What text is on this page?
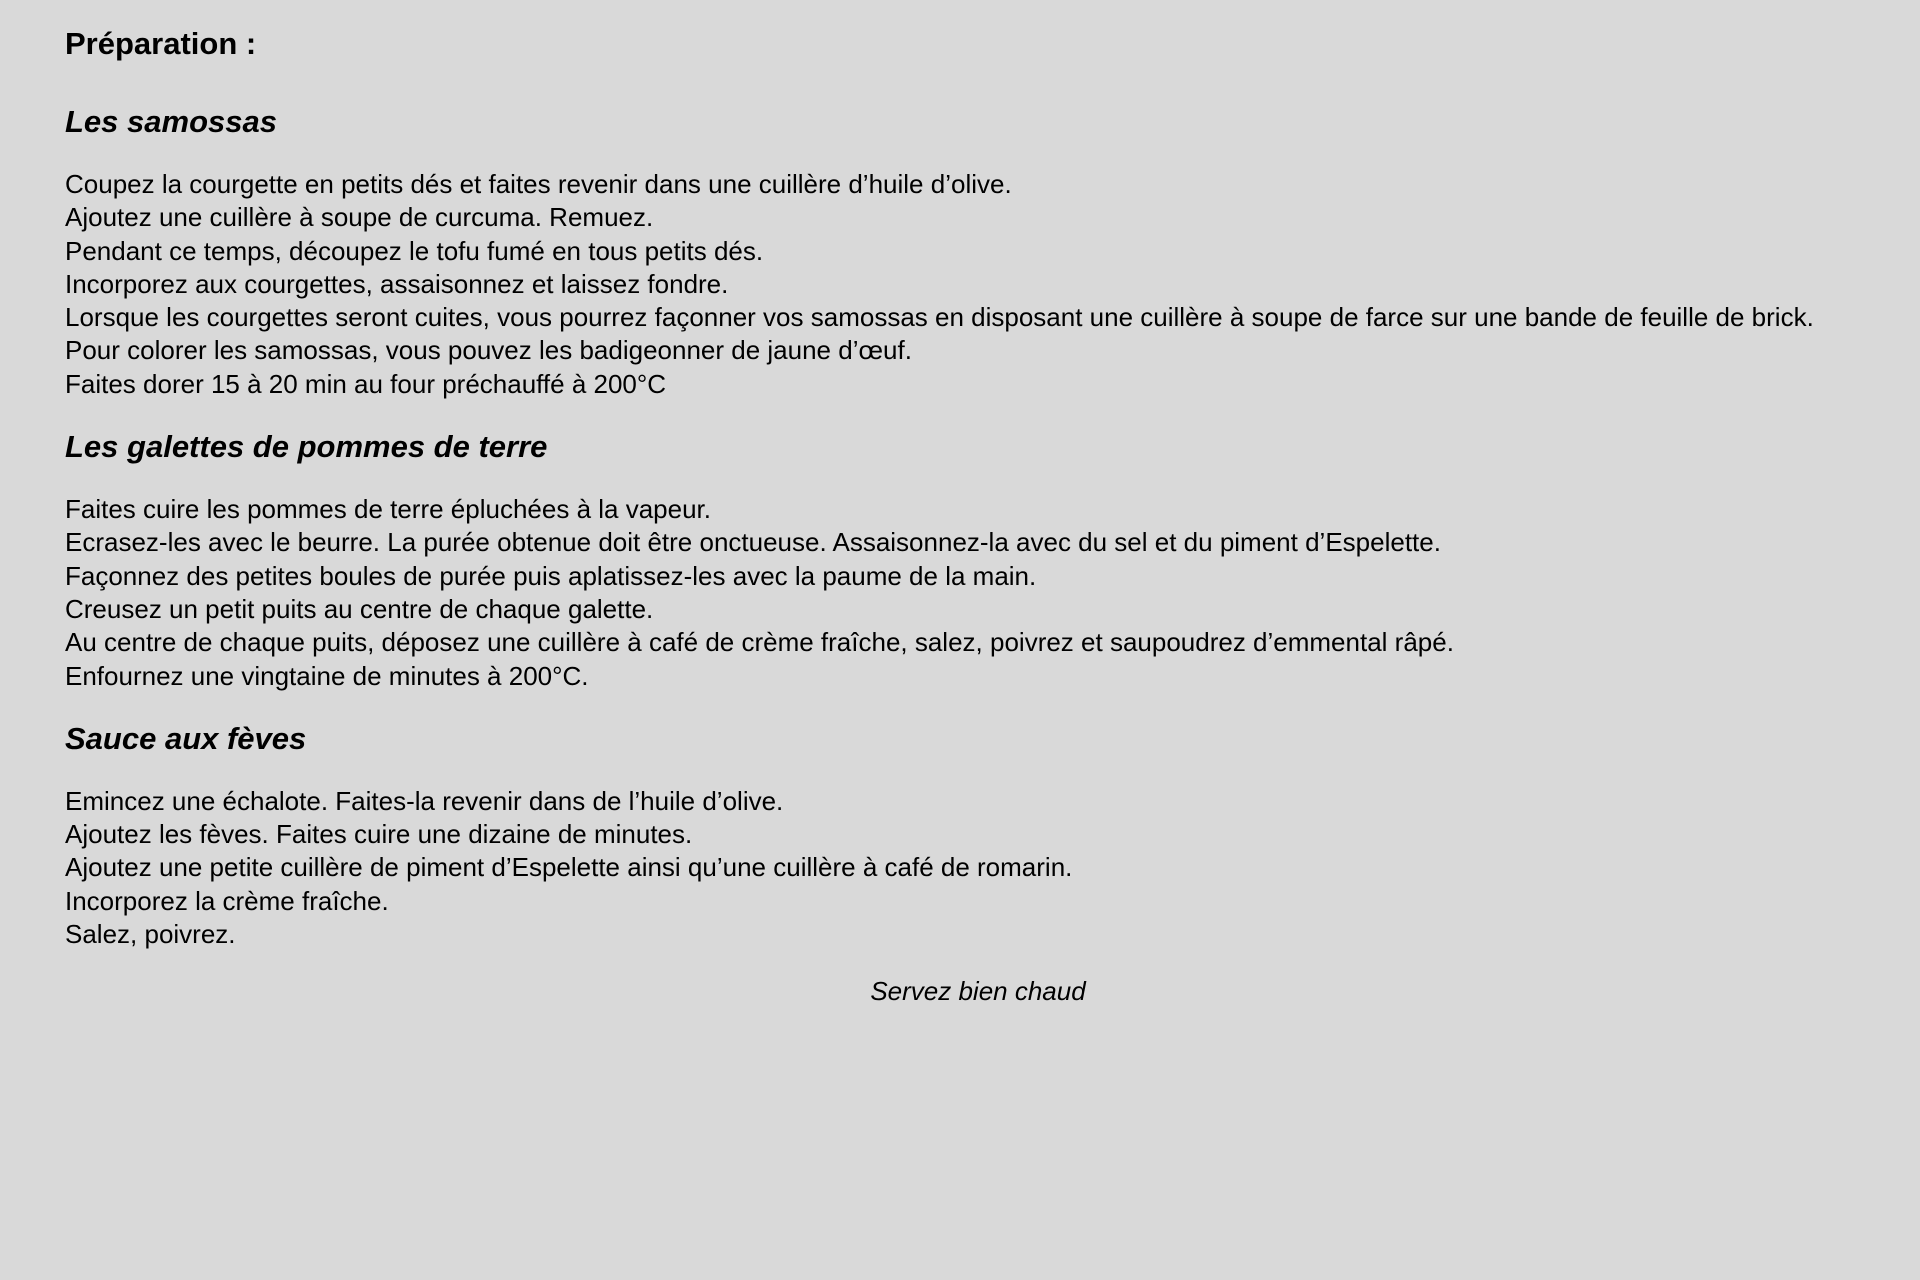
Préparation :
Les samossas
Coupez la courgette en petits dés et faites revenir dans une cuillère d’huile d’olive.
Ajoutez une cuillère à soupe de curcuma. Remuez.
Pendant ce temps, découpez le tofu fumé en tous petits dés.
Incorporez aux courgettes, assaisonnez et laissez fondre.
Lorsque les courgettes seront cuites, vous pourrez façonner vos samossas en disposant une cuillère à soupe de farce sur une bande de feuille de brick.
Pour colorer les samossas, vous pouvez les badigeonner de jaune d’œuf.
Faites dorer 15 à 20 min au four préchauffé à 200°C
Les galettes de pommes de terre
Faites cuire les pommes de terre épluchées à la vapeur.
Ecrasez-les avec le beurre. La purée obtenue doit être onctueuse. Assaisonnez-la avec du sel et du piment d’Espelette.
Façonnez des petites boules de purée puis aplatissez-les avec la paume de la main.
Creusez un petit puits au centre de chaque galette.
Au centre de chaque puits, déposez une cuillère à café de crème fraîche, salez, poivrez et saupoudrez d’emmental râpé.
Enfournez une vingtaine de minutes à 200°C.
Sauce aux fèves
Emincez une échalote. Faites-la revenir dans de l’huile d’olive.
Ajoutez les fèves. Faites cuire une dizaine de minutes.
Ajoutez une petite cuillère de piment d’Espelette ainsi qu’une cuillère à café de romarin.
Incorporez la crème fraîche.
Salez, poivrez.
Servez bien chaud
